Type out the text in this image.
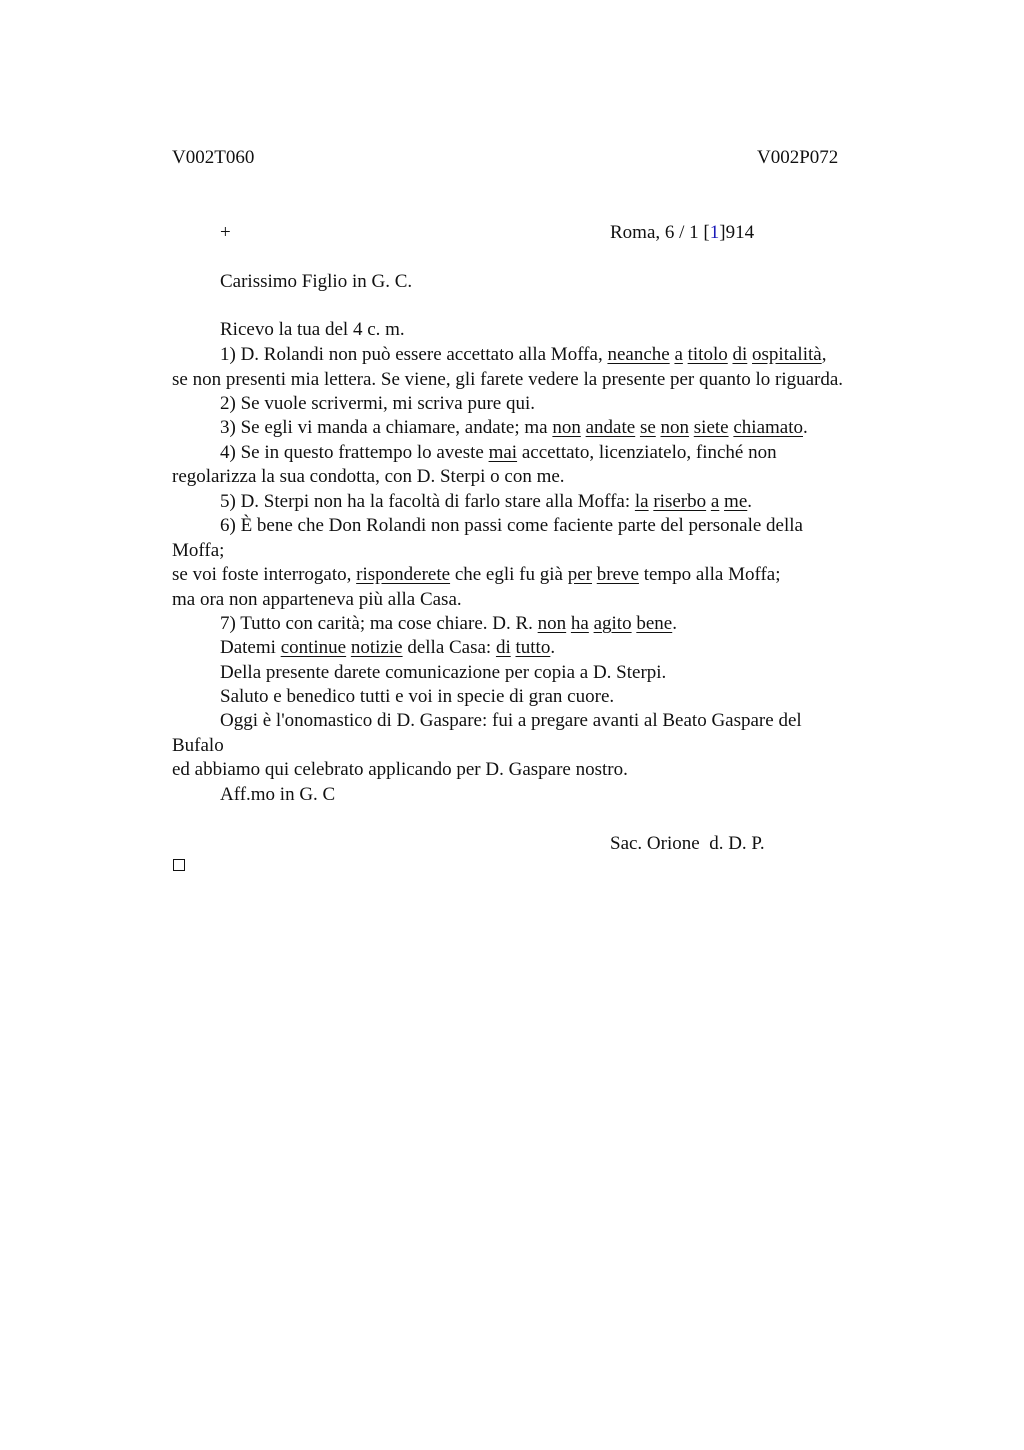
V002T060	V002P072
+	Roma, 6 / 1 [1]914
Carissimo Figlio in G. C.
Ricevo la tua del 4 c. m.
1) D. Rolandi non può essere accettato alla Moffa, neanche a titolo di ospitalità,
se non presenti mia lettera. Se viene, gli farete vedere la presente per quanto lo riguarda.
2) Se vuole scrivermi, mi scriva pure qui.
3) Se egli vi manda a chiamare, andate; ma non andate se non siete chiamato.
4) Se in questo frattempo lo aveste mai accettato, licenziatelo, finché non
regolarizza la sua condotta, con D. Sterpi o con me.
5) D. Sterpi non ha la facoltà di farlo stare alla Moffa: la riserbo a me.
6) È bene che Don Rolandi non passi come faciente parte del personale della
Moffa;
se voi foste interrogato, risponderete che egli fu già per breve tempo alla Moffa;
ma ora non apparteneva più alla Casa.
7) Tutto con carità; ma cose chiare. D. R. non ha agito bene.
Datemi continue notizie della Casa: di tutto.
Della presente darete comunicazione per copia a D. Sterpi.
Saluto e benedico tutti e voi in specie di gran cuore.
Oggi è l'onomastico di D. Gaspare: fui a pregare avanti al Beato Gaspare del
Bufalo
ed abbiamo qui celebrato applicando per D. Gaspare nostro.
Aff.mo in G. C
Sac. Orione  d. D. P.
